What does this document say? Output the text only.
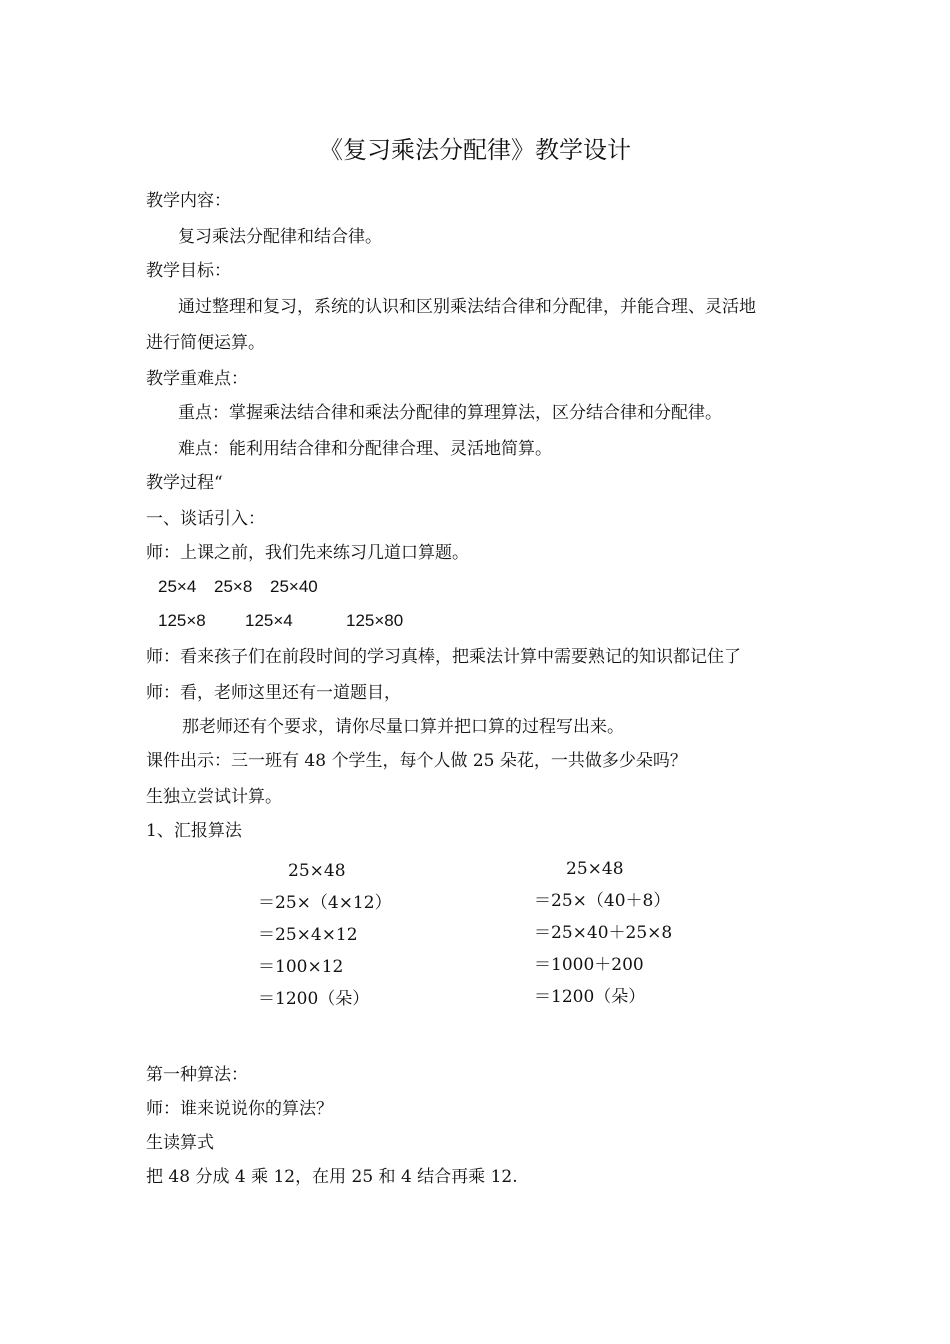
《复习乘法分配律》教学设计
教学内容：
复习乘法分配律和结合律。
教学目标：
通过整理和复习，系统的认识和区别乘法结合律和分配律，并能合理、灵活地
进行简便运算。
教学重难点：
重点：掌握乘法结合律和乘法分配律的算理算法，区分结合律和分配律。
难点：能利用结合律和分配律合理、灵活地简算。
教学过程“
一、谈话引入：
师：上课之前，我们先来练习几道口算题。
25×4 25×8 25×40
125×8 125×4	125×80
师：看来孩子们在前段时间的学习真棒，把乘法计算中需要熟记的知识都记住了
师：看，老师这里还有一道题目，
那老师还有个要求，请你尽量口算并把口算的过程写出来。
课件出示：三一班有 48 个学生，每个人做 25 朵花，一共做多少朵吗？
生独立尝试计算。
1、汇报算法
25×48
＝25×（4×12）
＝25×4×12
＝100×12
＝1200（朵）
25×48
＝25×（40＋8）
＝25×40＋25×8
＝1000＋200
＝1200（朵）
第一种算法：
师：谁来说说你的算法？
生读算式
把 48 分成 4 乘 12，在用 25 和 4 结合再乘 12.
